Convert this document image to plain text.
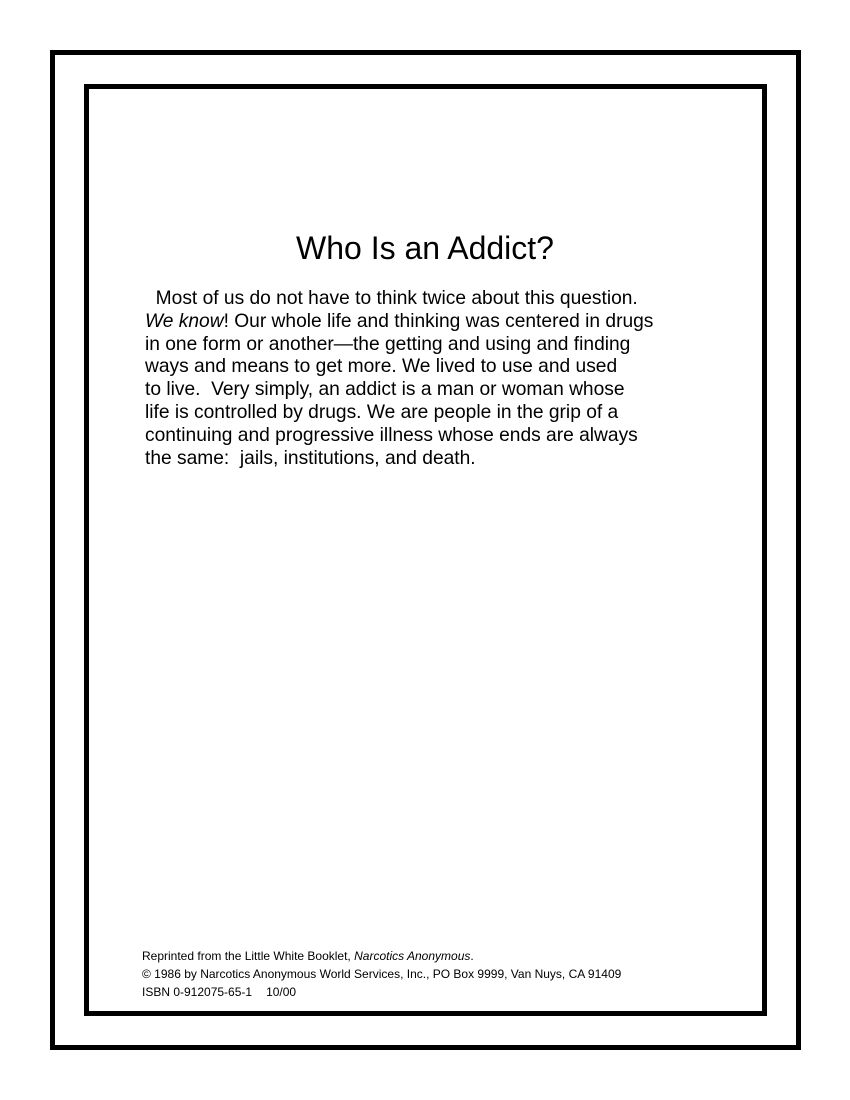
Who Is an Addict?
Most of us do not have to think twice about this question.
We know! Our whole life and thinking was centered in drugs
in one form or another—the getting and using and finding
ways and means to get more. We lived to use and used
to live.  Very simply, an addict is a man or woman whose
life is controlled by drugs. We are people in the grip of a
continuing and progressive illness whose ends are always
the same:  jails, institutions, and death.
Reprinted from the Little White Booklet, Narcotics Anonymous.
© 1986 by Narcotics Anonymous World Services, Inc., PO Box 9999, Van Nuys, CA 91409
ISBN 0-912075-65-1 10/00
